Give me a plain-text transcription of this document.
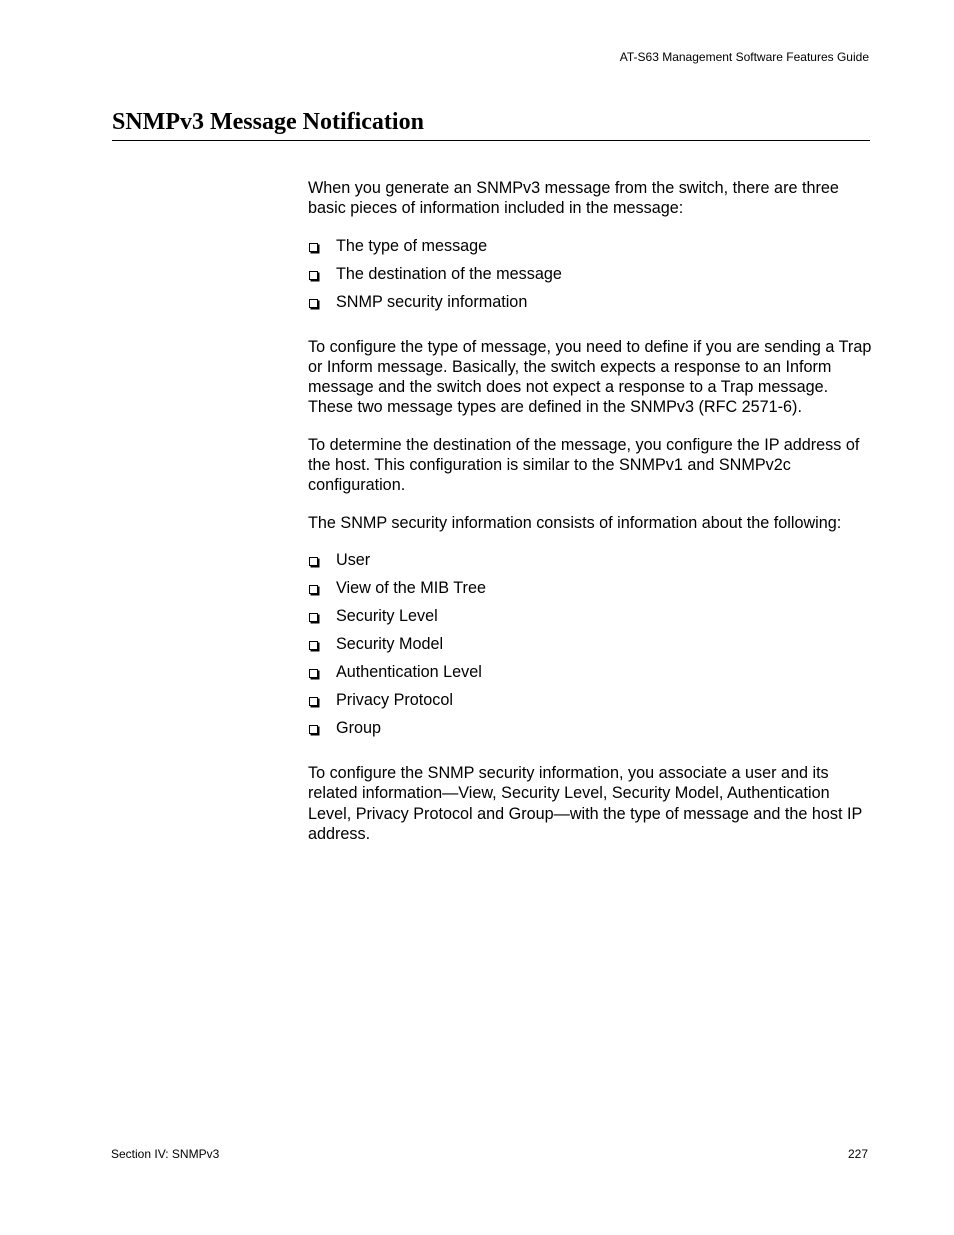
AT-S63 Management Software Features Guide
SNMPv3 Message Notification

When you generate an SNMPv3 message from the switch, there are three basic pieces of information included in the message:

The type of message
The destination of the message
SNMP security information

To configure the type of message, you need to define if you are sending a Trap or Inform message. Basically, the switch expects a response to an Inform message and the switch does not expect a response to a Trap message. These two message types are defined in the SNMPv3 (RFC 2571-6).

To determine the destination of the message, you configure the IP address of the host. This configuration is similar to the SNMPv1 and SNMPv2c configuration.

The SNMP security information consists of information about the following:

User
View of the MIB Tree
Security Level
Security Model
Authentication Level
Privacy Protocol
Group

To configure the SNMP security information, you associate a user and its related information—View, Security Level, Security Model, Authentication Level, Privacy Protocol and Group—with the type of message and the host IP address.

Section IV: SNMPv3	227
